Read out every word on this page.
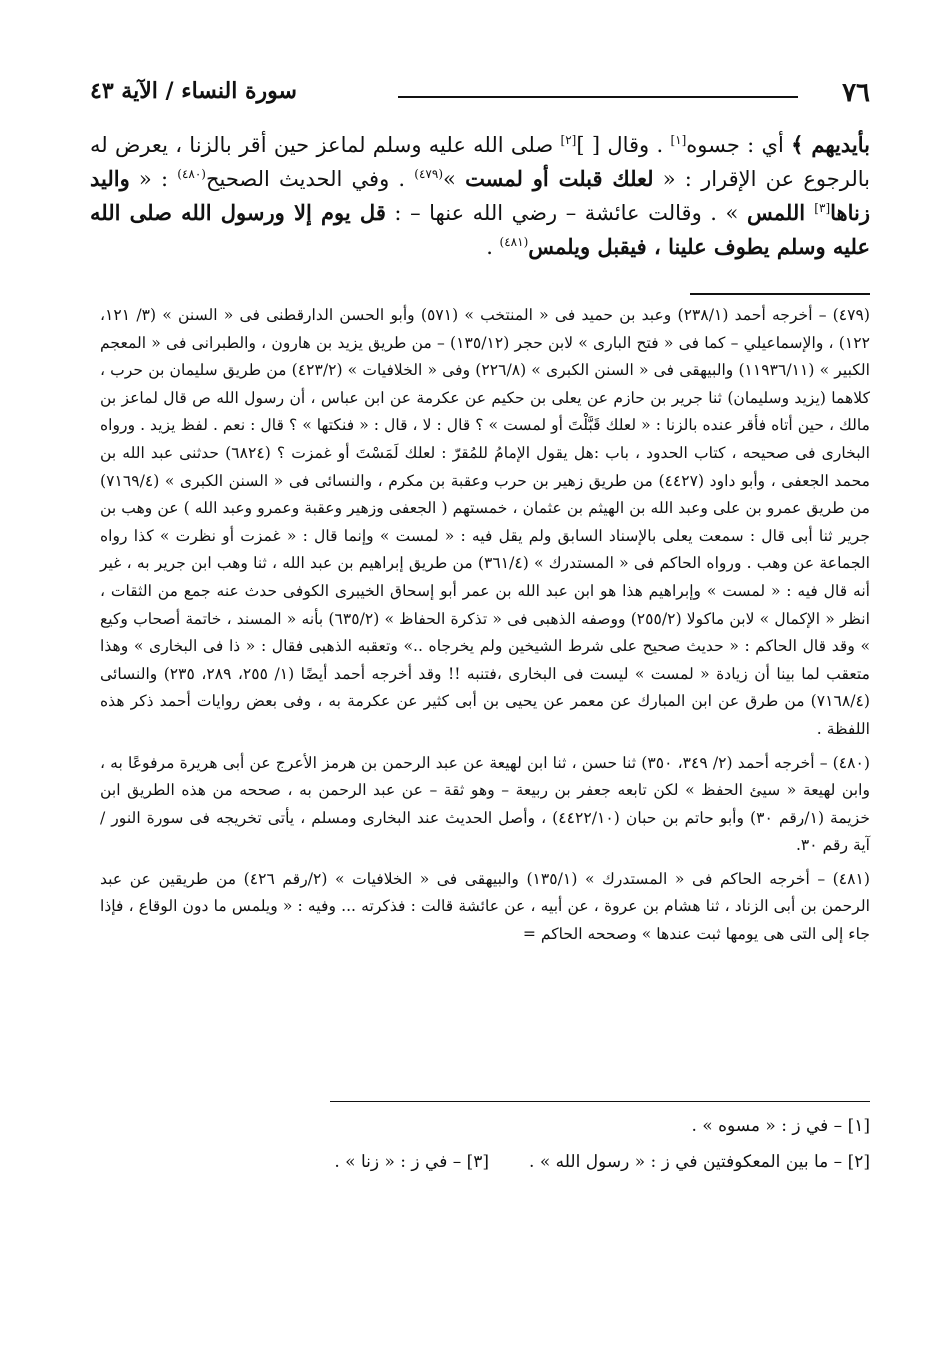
٧٦
سورة النساء / الآية ٤٣

بأيديهم ﴾ أي : جسوه[١] . وقال [ ][٢] صلى الله عليه وسلم لماعز حين أقر بالزنا ، يعرض له بالرجوع عن الإقرار : « لعلك قبلت أو لمست »$^{(٤٧٩)}$ . وفي الحديث الصحيح$^{(٤٨٠)}$ : « واليد زناها[٣] اللمس » . وقالت عائشة – رضي الله عنها – : قل يوم إلا ورسول الله صلى الله عليه وسلم يطوف علينا ، فيقبل ويلمس$^{(٤٨١)}$ .

(٤٧٩) – أخرجه أحمد (٢٣٨/١) وعبد بن حميد فى « المنتخب » (٥٧١) وأبو الحسن الدارقطنى فى « السنن » (٣/ ١٢١، ١٢٢) ، والإسماعيلي – كما فى « فتح البارى » لابن حجر (١٣٥/١٢) – من طريق يزيد بن هارون ، والطبرانى فى « المعجم الكبير » (١١٩٣٦/١١) والبيهقى فى « السنن الكبرى » (٢٢٦/٨) وفى « الخلافيات » (٤٢٣/٢) من طريق سليمان بن حرب ، كلاهما (يزيد وسليمان) ثنا جرير بن حازم عن يعلى بن حكيم عن عكرمة عن ابن عباس ، أن رسول الله ص قال لماعز بن مالك ، حين أتاه فأقر عنده بالزنا : « لعلك قَبَّلْتَ أو لمست » ؟ قال : لا ، قال : « فنكتها » ؟ قال : نعم . لفظ يزيد . ورواه البخارى فى صحيحه ، كتاب الحدود ، باب :هل يقول الإمامُ للمُقرّ : لعلك لَمَسْتَ أو غمزت ؟ (٦٨٢٤) حدثنى عبد الله بن محمد الجعفى ، وأبو داود (٤٤٢٧) من طريق زهير بن حرب وعقبة بن مكرم ، والنسائى فى « السنن الكبرى » (٧١٦٩/٤) من طريق عمرو بن على وعبد الله بن الهيثم بن عثمان ، خمستهم ( الجعفى وزهير وعقبة وعمرو وعبد الله ) عن وهب بن جرير ثنا أبى قال : سمعت يعلى بالإسناد السابق ولم يقل فيه : « لمست » وإنما قال : « غمزت أو نظرت » كذا رواه الجماعة عن وهب . ورواه الحاكم فى « المستدرك » (٣٦١/٤) من طريق إبراهيم بن عبد الله ، ثنا وهب ابن جرير به ، غير أنه قال فيه : « لمست » وإبراهيم هذا هو ابن عبد الله بن عمر أبو إسحاق الخيبرى الكوفى حدث عنه جمع من الثقات ، انظر « الإكمال » لابن ماكولا (٢٥٥/٢) ووصفه الذهبى فى « تذكرة الحفاظ » (٦٣٥/٢) بأنه « المسند ، خاتمة أصحاب وكيع » وقد قال الحاكم : « حديث صحيح على شرط الشيخين ولم يخرجاه ..» وتعقبه الذهبى فقال : « ذا فى البخارى » وهذا متعقب لما بينا أن زيادة « لمست » ليست فى البخارى ،فتنبه !! وقد أخرجه أحمد أيضًا (١/ ٢٥٥، ٢٨٩، ٢٣٥) والنسائى (٧١٦٨/٤) من طرق عن ابن المبارك عن معمر عن يحيى بن أبى كثير عن عكرمة به ، وفى بعض روايات أحمد ذكر هذه اللفظة .

(٤٨٠) – أخرجه أحمد (٢/ ٣٤٩، ٣٥٠) ثنا حسن ، ثنا ابن لهيعة عن عبد الرحمن بن هرمز الأعرج عن أبى هريرة مرفوعًا به ، وابن لهيعة « سيئ الحفظ » لكن تابعه جعفر بن ربيعة – وهو ثقة – عن عبد الرحمن به ، صححه من هذه الطريق ابن خزيمة (١/رقم ٣٠) وأبو حاتم بن حبان (٤٤٢٢/١٠) ، وأصل الحديث عند البخارى ومسلم ، يأتى تخريجه فى سورة النور / آية رقم ٣٠.

(٤٨١) – أخرجه الحاكم فى « المستدرك » (١٣٥/١) والبيهقى فى « الخلافيات » (٢/رقم ٤٢٦) من طريقين عن عبد الرحمن بن أبى الزناد ، ثنا هشام بن عروة ، عن أبيه ، عن عائشة قالت : فذكرته ... وفيه : « ويلمس ما دون الوقاع ، فإذا جاء إلى التى هى يومها ثبت عندها » وصححه الحاكم =

[١] – في ز : « مسوه » .
[٢] – ما بين المعكوفتين في ز : « رسول الله » .
[٣] – في ز : « زنا » .
